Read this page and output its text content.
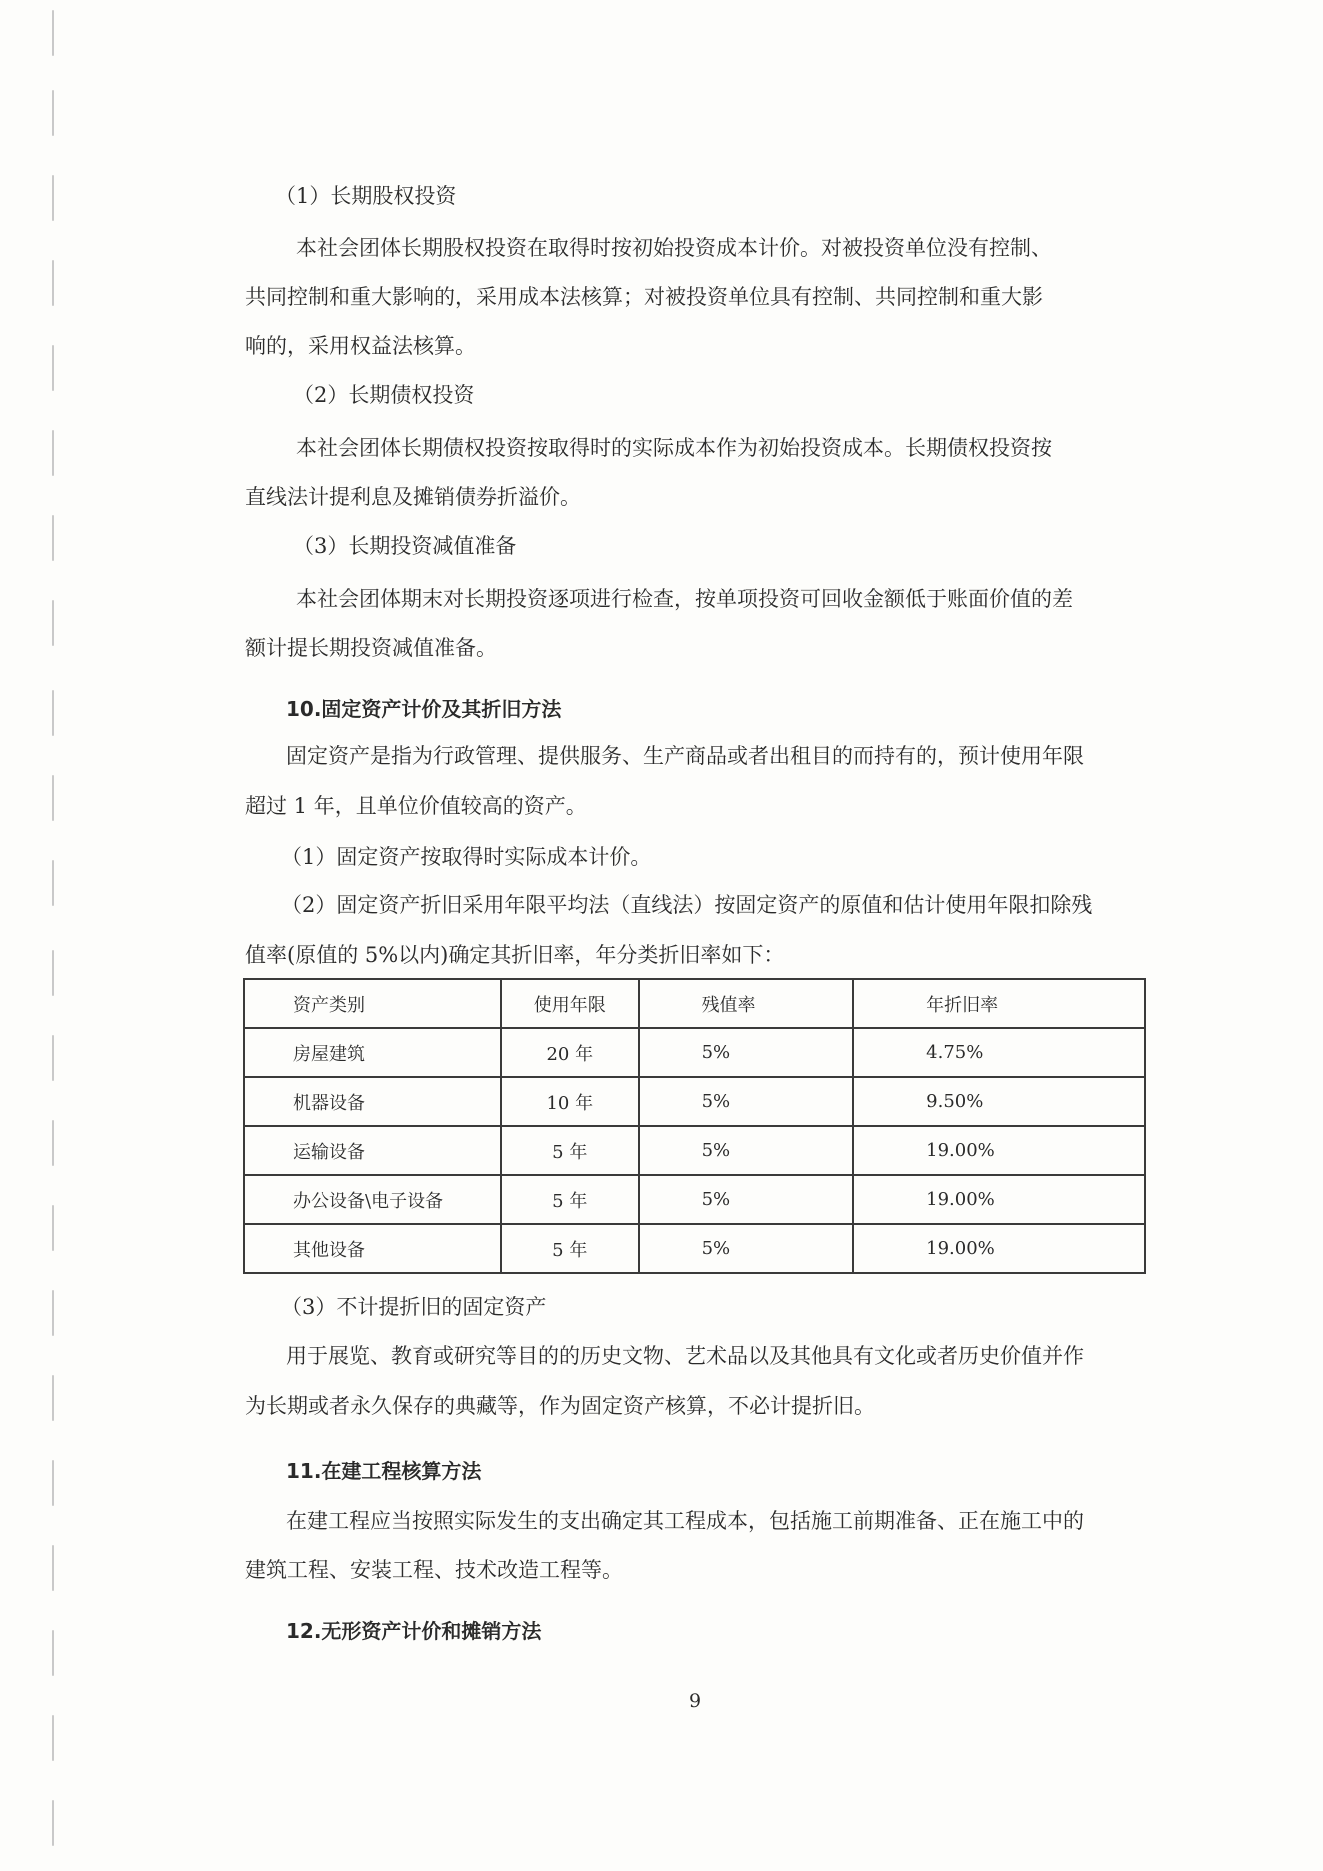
（1）长期股权投资
本社会团体长期股权投资在取得时按初始投资成本计价。对被投资单位没有控制、
共同控制和重大影响的，采用成本法核算；对被投资单位具有控制、共同控制和重大影
响的，采用权益法核算。
（2）长期债权投资
本社会团体长期债权投资按取得时的实际成本作为初始投资成本。长期债权投资按
直线法计提利息及摊销债券折溢价。
（3）长期投资减值准备
本社会团体期末对长期投资逐项进行检查，按单项投资可回收金额低于账面价值的差
额计提长期投资减值准备。
10.固定资产计价及其折旧方法
固定资产是指为行政管理、提供服务、生产商品或者出租目的而持有的，预计使用年限
超过 1 年，且单位价值较高的资产。
（1）固定资产按取得时实际成本计价。
（2）固定资产折旧采用年限平均法（直线法）按固定资产的原值和估计使用年限扣除残
值率(原值的 5%以内)确定其折旧率，年分类折旧率如下：
资产类别	使用年限	残值率	年折旧率
房屋建筑	20 年	5%	4.75%
机器设备	10 年	5%	9.50%
运输设备	5 年	5%	19.00%
办公设备\电子设备	5 年	5%	19.00%
其他设备	5 年	5%	19.00%
（3）不计提折旧的固定资产
用于展览、教育或研究等目的的历史文物、艺术品以及其他具有文化或者历史价值并作
为长期或者永久保存的典藏等，作为固定资产核算，不必计提折旧。
11.在建工程核算方法
在建工程应当按照实际发生的支出确定其工程成本，包括施工前期准备、正在施工中的
建筑工程、安装工程、技术改造工程等。
12.无形资产计价和摊销方法
9
